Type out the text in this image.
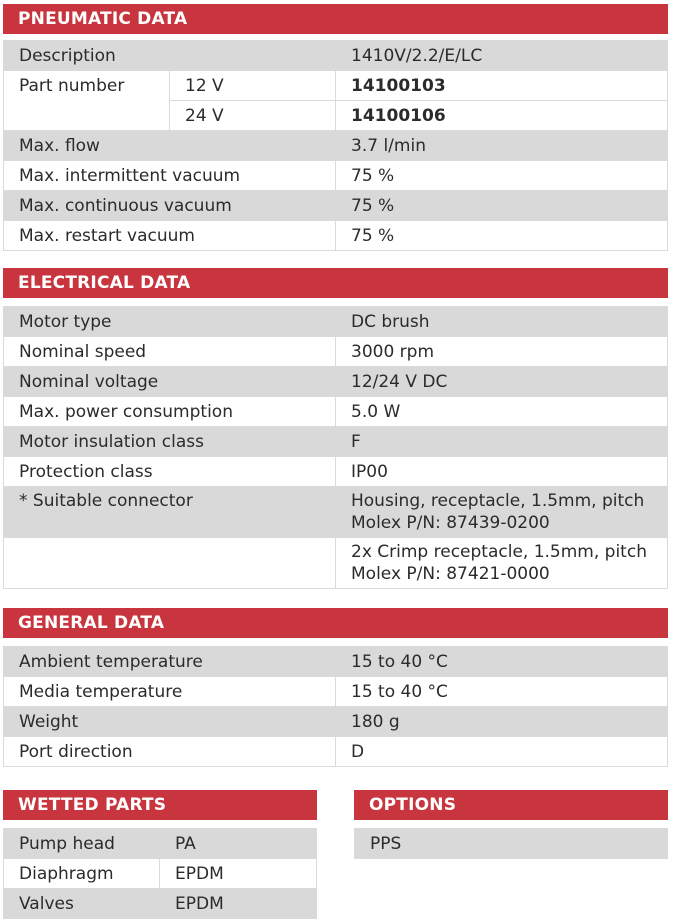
PNEUMATIC DATA
Description		1410V/2.2/E/LC
Part number	12 V	14100103
	24 V	14100106
Max. flow		3.7 l/min
Max. intermittent vacuum		75 %
Max. continuous vacuum		75 %
Max. restart vacuum		75 %
ELECTRICAL DATA
Motor type	DC brush
Nominal speed	3000 rpm
Nominal voltage	12/24 V DC
Max. power consumption	5.0 W
Motor insulation class	F
Protection class	IP00
* Suitable connector	Housing, receptacle, 1.5mm, pitch
Molex P/N: 87439-0200

	2x Crimp receptacle, 1.5mm, pitch
Molex P/N: 87421-0000
GENERAL DATA
Ambient temperature	15 to 40 °C
Media temperature	15 to 40 °C
Weight	180 g
Port direction	D
WETTED PARTS
Pump head	PA
Diaphragm	EPDM
Valves	EPDM
OPTIONS
PPS
